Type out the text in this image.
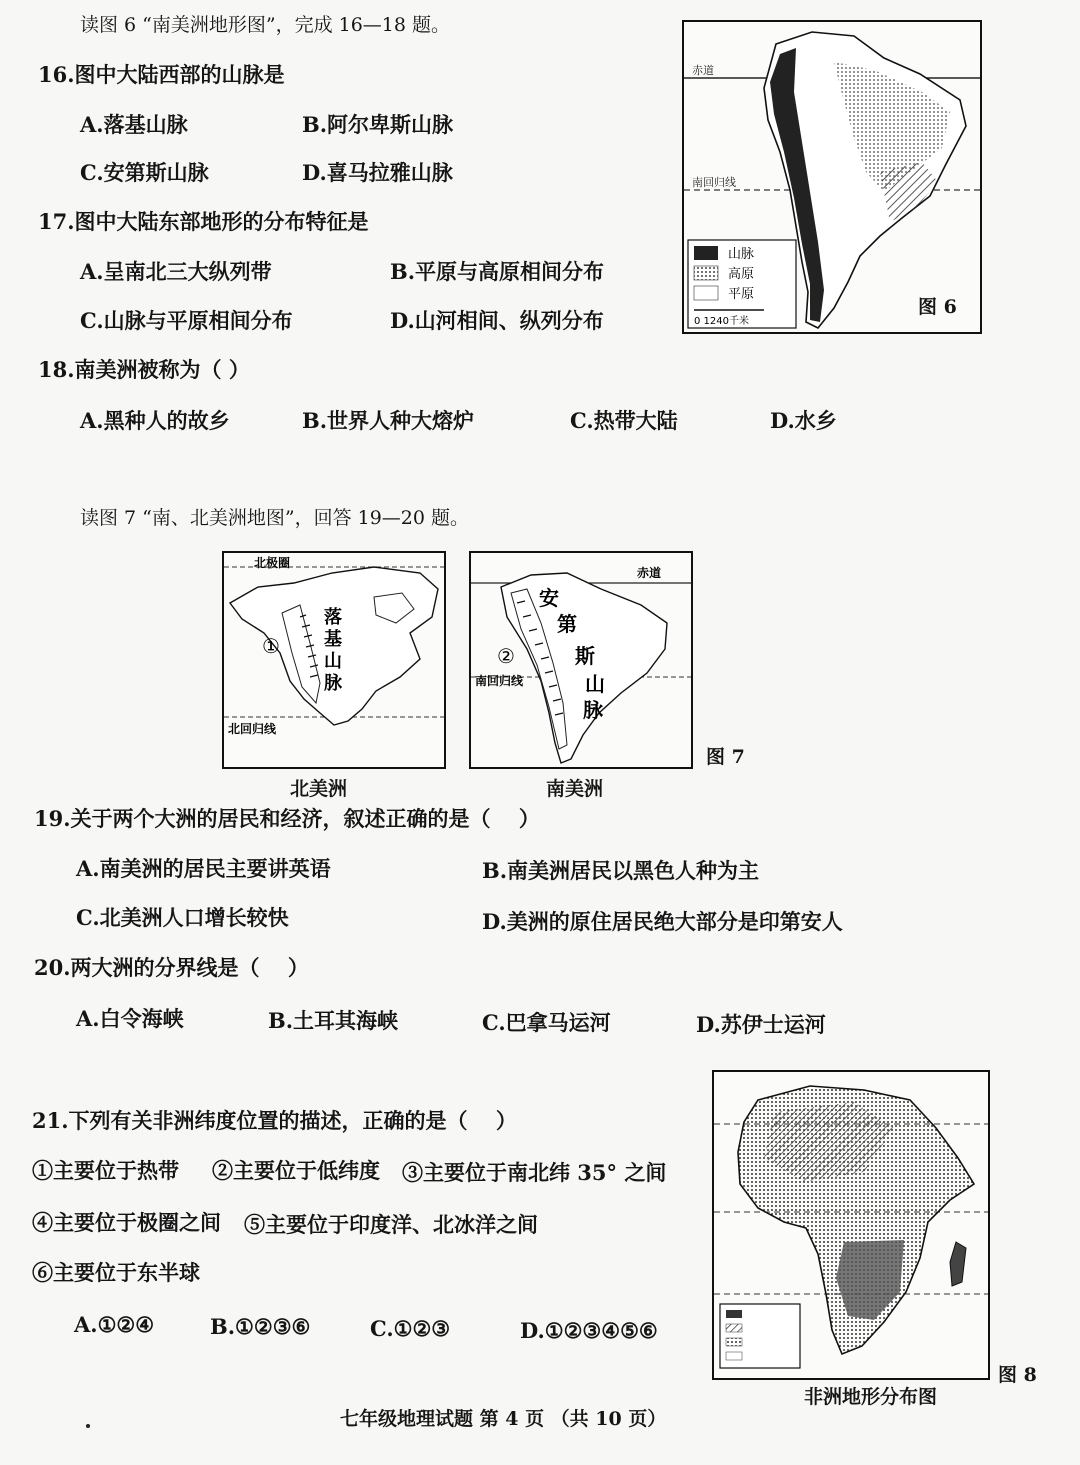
读图 6 “南美洲地形图”，完成 16—18 题。
16.图中大陆西部的山脉是
A.落基山脉	B.阿尔卑斯山脉
C.安第斯山脉	D.喜马拉雅山脉
17.图中大陆东部地形的分布特征是
A.呈南北三大纵列带	B.平原与高原相间分布
C.山脉与平原相间分布	D.山河相间、纵列分布
18.南美洲被称为（ ）
A.黑种人的故乡	B.世界人种大熔炉	C.热带大陆	D.水乡
赤道
南回归线
山脉
高原
平原
0 1240千米
图 6
读图 7 “南、北美洲地图”，回答 19—20 题。
北极圈
北回归线
①
落
基
山
脉
北美洲
赤道
南回归线
②
安
第
斯
山
脉
南美洲
图 7
19.关于两个大洲的居民和经济，叙述正确的是（　 ）
A.南美洲的居民主要讲英语	B.南美洲居民以黑色人种为主
C.北美洲人口增长较快	D.美洲的原住居民绝大部分是印第安人
20.两大洲的分界线是（　 ）
A.白令海峡	B.土耳其海峡	C.巴拿马运河	D.苏伊士运河
21.下列有关非洲纬度位置的描述，正确的是（　 ）
①主要位于热带 ②主要位于低纬度 ③主要位于南北纬 35° 之间
④主要位于极圈之间 ⑤主要位于印度洋、北冰洋之间
⑥主要位于东半球
A.①②④	B.①②③⑥	C.①②③	D.①②③④⑤⑥
图 8
非洲地形分布图
七年级地理试题 第 4 页 （共 10 页）
